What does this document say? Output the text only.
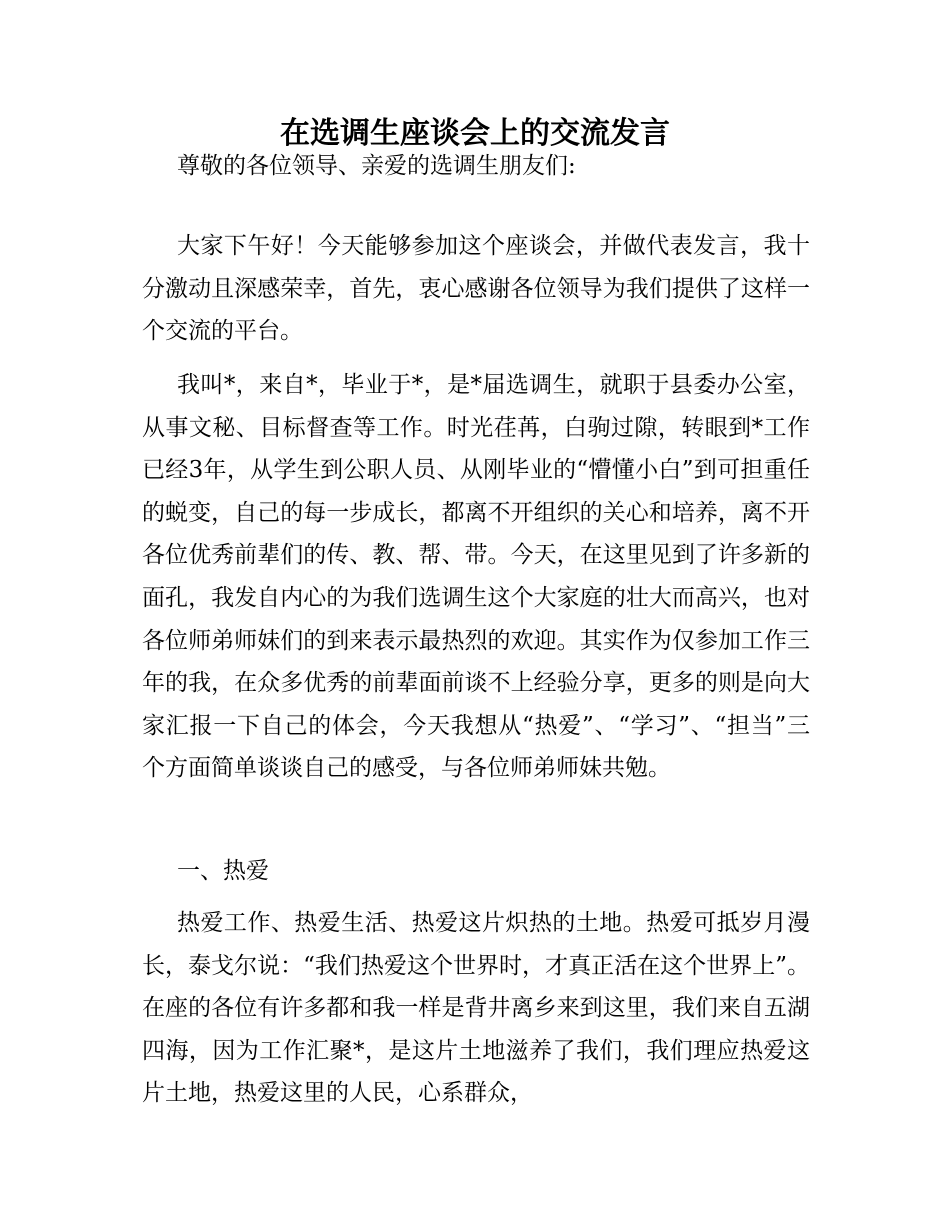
在选调生座谈会上的交流发言

尊敬的各位领导、亲爱的选调生朋友们:

大家下午好！今天能够参加这个座谈会，并做代表发言，我十分激动且深感荣幸，首先，衷心感谢各位领导为我们提供了这样一个交流的平台。

我叫*，来自*，毕业于*，是*届选调生，就职于县委办公室，从事文秘、目标督查等工作。时光荏苒，白驹过隙，转眼到*工作已经3年，从学生到公职人员、从刚毕业的“懵懂小白”到可担重任的蜕变，自己的每一步成长，都离不开组织的关心和培养，离不开各位优秀前辈们的传、教、帮、带。今天，在这里见到了许多新的面孔，我发自内心的为我们选调生这个大家庭的壮大而高兴，也对各位师弟师妹们的到来表示最热烈的欢迎。其实作为仅参加工作三年的我，在众多优秀的前辈面前谈不上经验分享，更多的则是向大家汇报一下自己的体会，今天我想从“热爱”、“学习”、“担当”三个方面简单谈谈自己的感受，与各位师弟师妹共勉。

一、热爱

热爱工作、热爱生活、热爱这片炽热的土地。热爱可抵岁月漫长，泰戈尔说：“我们热爱这个世界时，才真正活在这个世界上”。在座的各位有许多都和我一样是背井离乡来到这里，我们来自五湖四海，因为工作汇聚*，是这片土地滋养了我们，我们理应热爱这片土地，热爱这里的人民，心系群众，
